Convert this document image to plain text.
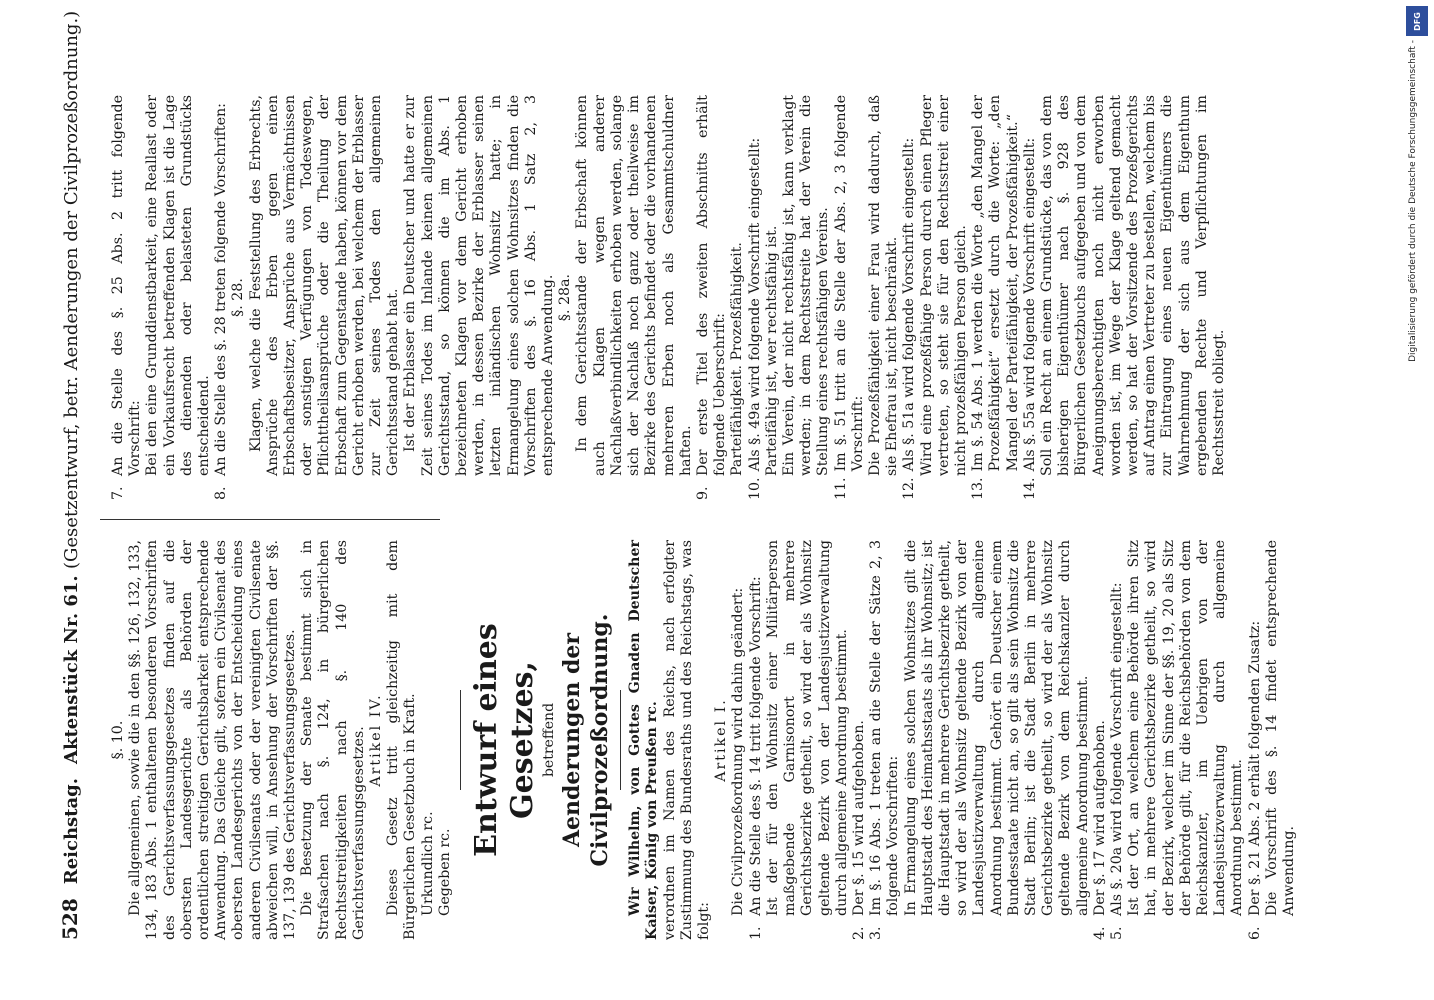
528
Reichstag.
Aktenstück Nr. 61. (Gesetzentwurf, betr. Aenderungen der Civilprozeßordnung.)

§. 10. Die allgemeinen, sowie die in den §§. 126, 132, 133, 134, 183 Abs. 1 enthaltenen besonderen Vorschriften des Gerichtsverfassungsgesetzes finden auf die obersten Landesgerichte als Behörden der ordentlichen streitigen Gerichtsbarkeit entsprechende Anwendung. Das Gleiche gilt, sofern ein Civilsenat des obersten Landesgerichts von der Entscheidung eines anderen Civilsenats oder der vereinigten Civilsenate abweichen will, in Ansehung der Vorschriften der §§. 137, 139 des Gerichtsverfassungsgesetzes. Die Besetzung der Senate bestimmt sich in Strafsachen nach §. 124, in bürgerlichen Rechtsstreitigkeiten nach §. 140 des Gerichtsverfassungsgesetzes. Artikel IV. Dieses Gesetz tritt gleichzeitig mit dem Bürgerlichen Gesetzbuch in Kraft. Urkundlich rc. Gegeben rc.

Entwurf eines Gesetzes, betreffend Aenderungen der Civilprozeßordnung. Wir Wilhelm, von Gottes Gnaden Deutscher Kaiser, König von Preußen rc. verordnen im Namen des Reichs, nach erfolgter Zustimmung des Bundesraths und des Reichstags, was folgt:

Artikel I. Die Civilprozeßordnung wird dahin geändert:

1.
An die Stelle des §. 14 tritt folgende Vorschrift: Ist der für den Wohnsitz einer Militärperson maßgebende Garnisonort in mehrere Gerichtsbezirke getheilt, so wird der als Wohnsitz geltende Bezirk von der Landesjustizverwaltung durch allgemeine Anordnung bestimmt.
2.
Der §. 15 wird aufgehoben.
3.
Im §. 16 Abs. 1 treten an die Stelle der Sätze 2, 3 folgende Vorschriften: In Ermangelung eines solchen Wohnsitzes gilt die Hauptstadt des Heimathsstaats als ihr Wohnsitz; ist die Hauptstadt in mehrere Gerichtsbezirke getheilt, so wird der als Wohnsitz geltende Bezirk von der Landesjustizverwaltung durch allgemeine Anordnung bestimmt. Gehört ein Deutscher einem Bundesstaate nicht an, so gilt als sein Wohnsitz die Stadt Berlin; ist die Stadt Berlin in mehrere Gerichtsbezirke getheilt, so wird der als Wohnsitz geltende Bezirk von dem Reichskanzler durch allgemeine Anordnung bestimmt.
4.
Der §. 17 wird aufgehoben.
5.
Als §. 20a wird folgende Vorschrift eingestellt: Ist der Ort, an welchem eine Behörde ihren Sitz hat, in mehrere Gerichtsbezirke getheilt, so wird der Bezirk, welcher im Sinne der §§. 19, 20 als Sitz der Behörde gilt, für die Reichsbehörden von dem Reichskanzler, im Uebrigen von der Landesjustizverwaltung durch allgemeine Anordnung bestimmt.
6.
Der §. 21 Abs. 2 erhält folgenden Zusatz: Die Vorschrift des §. 14 findet entsprechende Anwendung.
7.
An die Stelle des §. 25 Abs. 2 tritt folgende Vorschrift: Bei den eine Grunddienstbarkeit, eine Reallast oder ein Vorkaufsrecht betreffenden Klagen ist die Lage des dienenden oder belasteten Grundstücks entscheidend.
8.
An die Stelle des §. 28 treten folgende Vorschriften: §. 28. Klagen, welche die Feststellung des Erbrechts, Ansprüche des Erben gegen einen Erbschaftsbesitzer, Ansprüche aus Vermächtnissen oder sonstigen Verfügungen von Todeswegen, Pflichttheilsansprüche oder die Theilung der Erbschaft zum Gegenstande haben, können vor dem Gericht erhoben werden, bei welchem der Erblasser zur Zeit seines Todes den allgemeinen Gerichtsstand gehabt hat. Ist der Erblasser ein Deutscher und hatte er zur Zeit seines Todes im Inlande keinen allgemeinen Gerichtsstand, so können die im Abs. 1 bezeichneten Klagen vor dem Gericht erhoben werden, in dessen Bezirke der Erblasser seinen letzten inländischen Wohnsitz hatte; in Ermangelung eines solchen Wohnsitzes finden die Vorschriften des §. 16 Abs. 1 Satz 2, 3 entsprechende Anwendung. §. 28a. In dem Gerichtsstande der Erbschaft können auch Klagen wegen anderer Nachlaßverbindlichkeiten erhoben werden, solange sich der Nachlaß noch ganz oder theilweise im Bezirke des Gerichts befindet oder die vorhandenen mehreren Erben noch als Gesammtschuldner haften.

9.
Der erste Titel des zweiten Abschnitts erhält folgende Ueberschrift: Parteifähigkeit. Prozeßfähigkeit.
10.
Als §. 49a wird folgende Vorschrift eingestellt: Parteifähig ist, wer rechtsfähig ist. Ein Verein, der nicht rechtsfähig ist, kann verklagt werden; in dem Rechtsstreite hat der Verein die Stellung eines rechtsfähigen Vereins.
11.
Im §. 51 tritt an die Stelle der Abs. 2, 3 folgende Vorschrift: Die Prozeßfähigkeit einer Frau wird dadurch, daß sie Ehefrau ist, nicht beschränkt.
12.
Als §. 51a wird folgende Vorschrift eingestellt: Wird eine prozeßfähige Person durch einen Pfleger vertreten, so steht sie für den Rechtsstreit einer nicht prozeßfähigen Person gleich.
13.
Im §. 54 Abs. 1 werden die Worte „den Mangel der Prozeßfähigkeit“ ersetzt durch die Worte: „den Mangel der Parteifähigkeit, der Prozeßfähigkeit.“
14.
Als §. 55a wird folgende Vorschrift eingestellt: Soll ein Recht an einem Grundstücke, das von dem bisherigen Eigenthümer nach §. 928 des Bürgerlichen Gesetzbuchs aufgegeben und von dem Aneignungsberechtigten noch nicht erworben worden ist, im Wege der Klage geltend gemacht werden, so hat der Vorsitzende des Prozeßgerichts auf Antrag einen Vertreter zu bestellen, welchem bis zur Eintragung eines neuen Eigenthümers die Wahrnehmung der sich aus dem Eigenthum ergebenden Rechte und Verpflichtungen im Rechtsstreit obliegt.
DFG
Digitalisierung gefördert durch die Deutsche Forschungsgemeinschaft -
